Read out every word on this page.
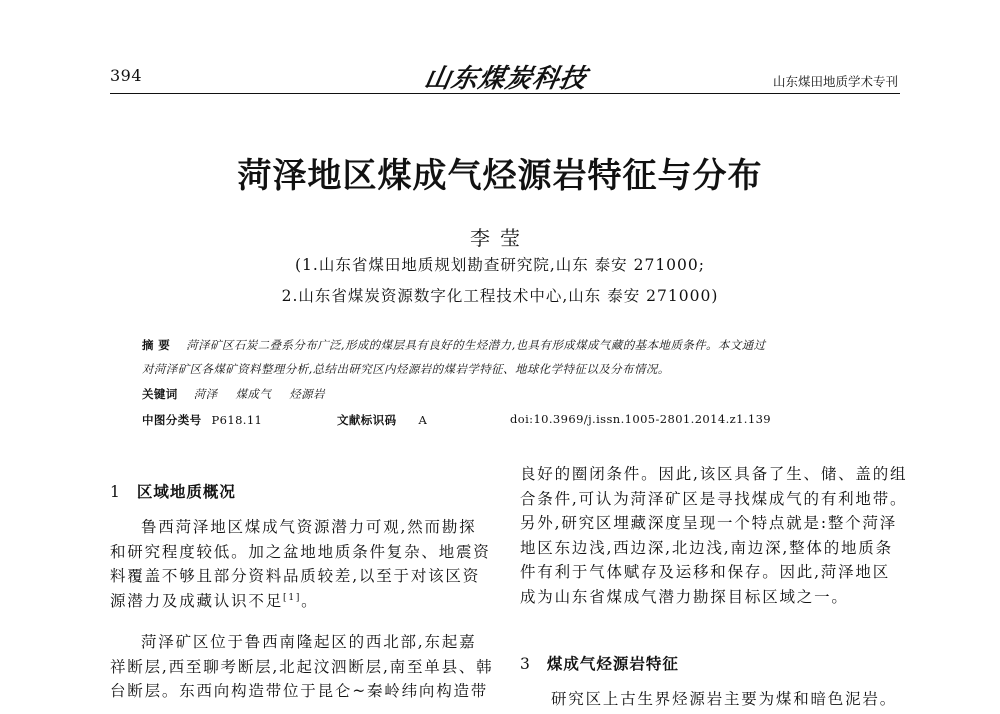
394	山东煤炭科技	山东煤田地质学术专刊
菏泽地区煤成气烃源岩特征与分布
李莹
(1.山东省煤田地质规划勘查研究院,山东 泰安 271000;
2.山东省煤炭资源数字化工程技术中心,山东 泰安 271000)
摘 要 菏泽矿区石炭二叠系分布广泛,形成的煤层具有良好的生烃潜力,也具有形成煤成气藏的基本地质条件。本文通过
对菏泽矿区各煤矿资料整理分析,总结出研究区内烃源岩的煤岩学特征、地球化学特征以及分布情况。
关键词 菏泽 煤成气 烃源岩
中图分类号 P618.11	文献标识码 A	doi:10.3969/j.issn.1005-2801.2014.z1.139
1 区域地质概况

鲁西菏泽地区煤成气资源潜力可观,然而勘探

和研究程度较低。加之盆地地质条件复杂、地震资

料覆盖不够且部分资料品质较差,以至于对该区资

源潜力及成藏认识不足[1]。

菏泽矿区位于鲁西南隆起区的西北部,东起嘉

祥断层,西至聊考断层,北起汶泗断层,南至单县、韩

台断层。东西向构造带位于昆仑~秦岭纬向构造带

良好的圈闭条件。因此,该区具备了生、储、盖的组

合条件,可认为菏泽矿区是寻找煤成气的有利地带。

另外,研究区埋藏深度呈现一个特点就是:整个菏泽

地区东边浅,西边深,北边浅,南边深,整体的地质条

件有利于气体赋存及运移和保存。因此,菏泽地区

成为山东省煤成气潜力勘探目标区域之一。

3 煤成气烃源岩特征

研究区上古生界烃源岩主要为煤和暗色泥岩。
